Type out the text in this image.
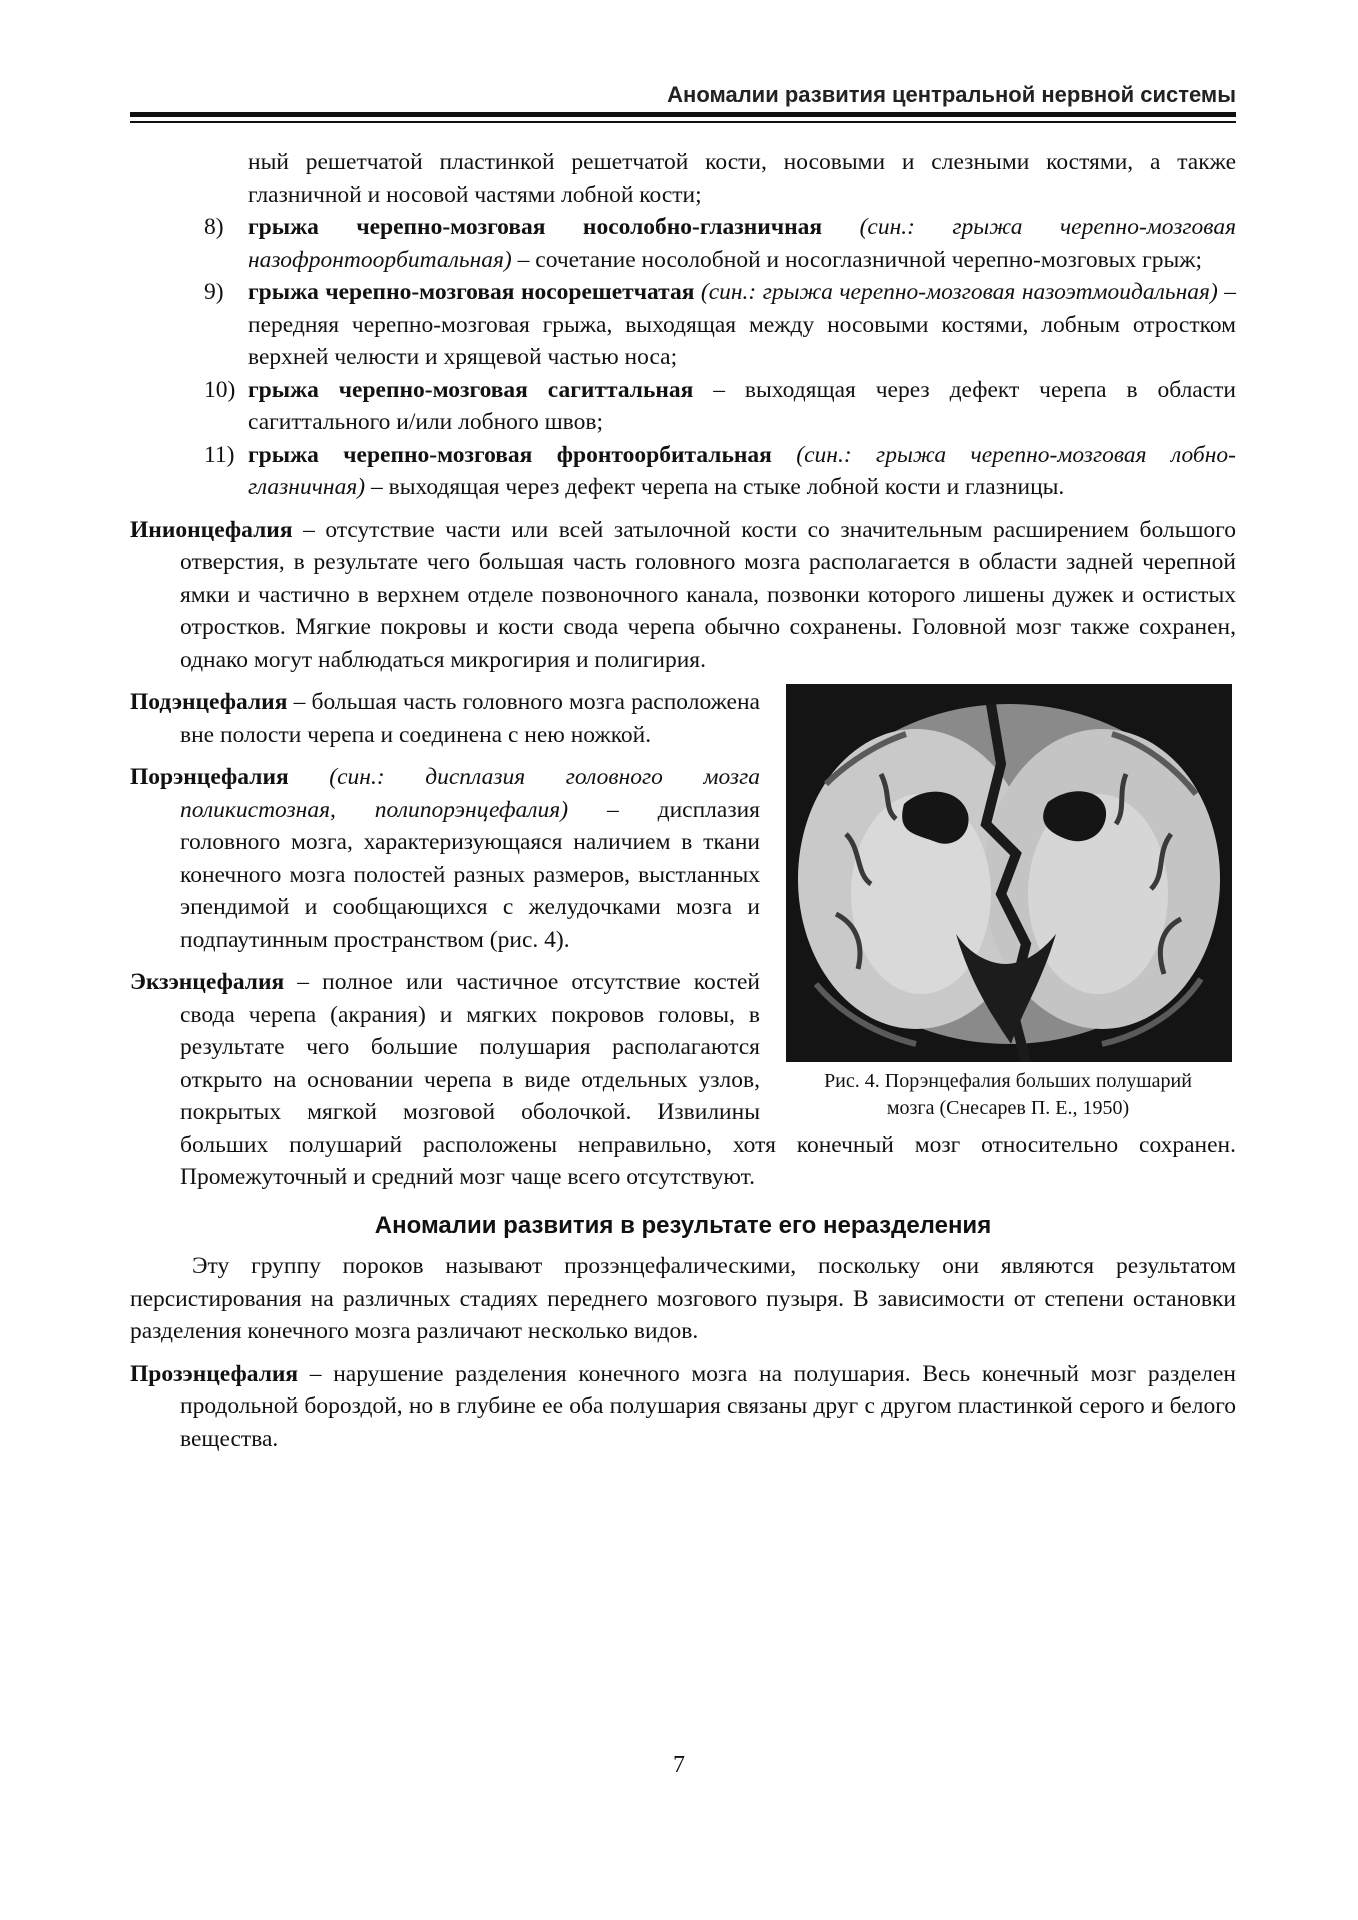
Аномалии развития центральной нервной системы
ный решетчатой пластинкой решетчатой кости, носовыми и слезными костями, а также глазничной и носовой частями лобной кости;
8) грыжа черепно-мозговая носолобно-глазничная (син.: грыжа черепно-мозговая назофронтоорбитальная) – сочетание носолобной и носоглазничной черепно-мозговых грыж;
9) грыжа черепно-мозговая носорешетчатая (син.: грыжа черепно-мозговая назоэтмоидальная) – передняя черепно-мозговая грыжа, выходящая между носовыми костями, лобным отростком верхней челюсти и хрящевой частью носа;
10) грыжа черепно-мозговая сагиттальная – выходящая через дефект черепа в области сагиттального и/или лобного швов;
11) грыжа черепно-мозговая фронтоорбитальная (син.: грыжа черепно-мозговая лобно-глазничная) – выходящая через дефект черепа на стыке лобной кости и глазницы.
Инионцефалия – отсутствие части или всей затылочной кости со значительным расширением большого отверстия, в результате чего большая часть головного мозга располагается в области задней черепной ямки и частично в верхнем отделе позвоночного канала, позвонки которого лишены дужек и остистых отростков. Мягкие покровы и кости свода черепа обычно сохранены. Головной мозг также сохранен, однако могут наблюдаться микрогирия и полигирия.
Рис. 4. Порэнцефалия больших полушарий
мозга (Снесарев П. Е., 1950)
Подэнцефалия – большая часть головного мозга расположена вне полости черепа и соединена с нею ножкой.
Порэнцефалия (син.: дисплазия головного мозга поликистозная, полипорэнцефалия) – дисплазия головного мозга, характеризующаяся наличием в ткани конечного мозга полостей разных размеров, выстланных эпендимой и сообщающихся с желудочками мозга и подпаутинным пространством (рис. 4).
Экзэнцефалия – полное или частичное отсутствие костей свода черепа (акрания) и мягких покровов головы, в результате чего большие полушария располагаются открыто на основании черепа в виде отдельных узлов, покрытых мягкой мозговой оболочкой. Извилины больших полушарий расположены неправильно, хотя конечный мозг относительно сохранен. Промежуточный и средний мозг чаще всего отсутствуют.
Аномалии развития в результате его неразделения
Эту группу пороков называют прозэнцефалическими, поскольку они являются результатом персистирования на различных стадиях переднего мозгового пузыря. В зависимости от степени остановки разделения конечного мозга различают несколько видов.
Прозэнцефалия – нарушение разделения конечного мозга на полушария. Весь конечный мозг разделен продольной бороздой, но в глубине ее оба полушария связаны друг с другом пластинкой серого и белого вещества.
7
